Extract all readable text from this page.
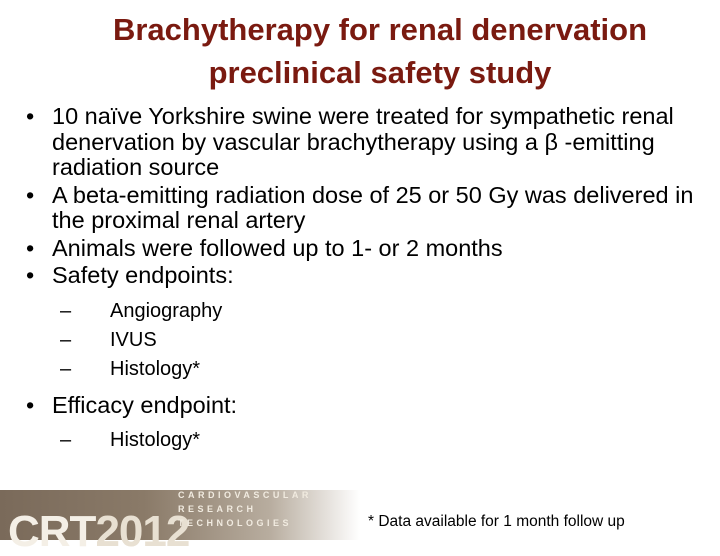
Brachytherapy for renal denervation
preclinical safety study
• 10 naïve Yorkshire swine were treated for sympathetic renal denervation by vascular brachytherapy using a β -emitting radiation source
• A beta-emitting radiation dose of 25 or 50 Gy was delivered in the proximal renal artery
• Animals were followed up to 1- or 2 months
• Safety endpoints:
– Angiography
– IVUS
– Histology*
• Efficacy endpoint:
– Histology*
CRT2012
CARDIOVASCULAR
RESEARCH
TECHNOLOGIES	* Data available for 1 month follow up
